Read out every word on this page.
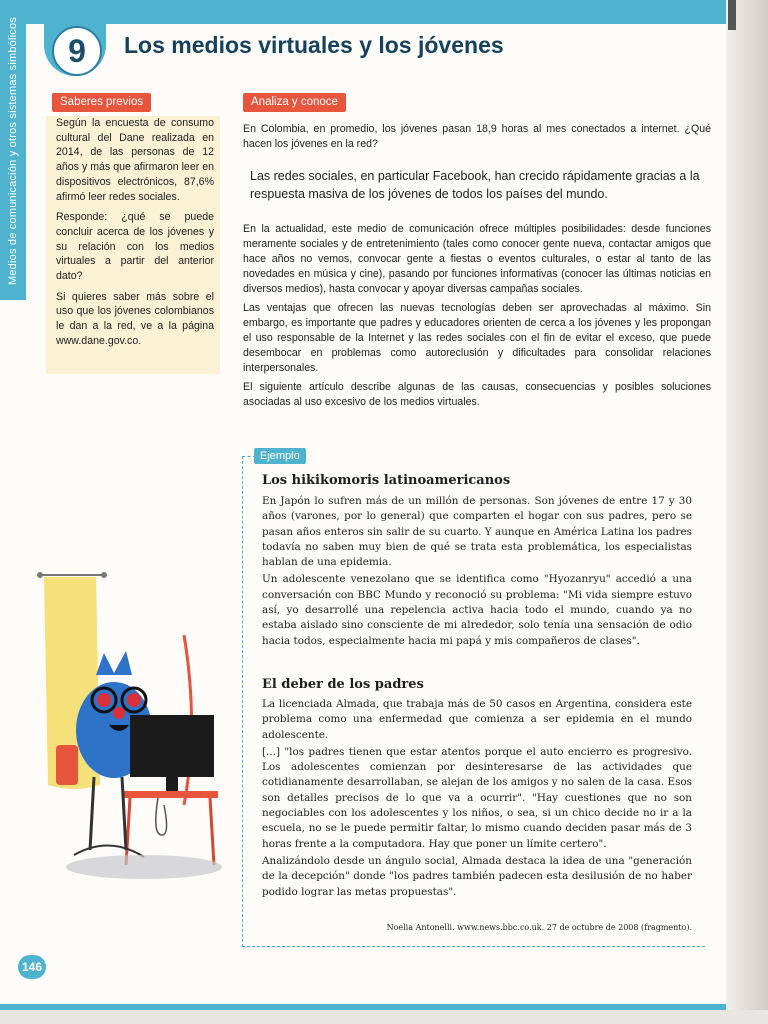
Medios de comunicación y otros sistemas simbólicos	9	Los medios virtuales y los jóvenes
Saberes previos

Según la encuesta de consumo cultural del Dane realizada en 2014, de las personas de 12 años y más que afirmaron leer en dispositivos electrónicos, 87,6% afirmó leer redes sociales.

Responde: ¿qué se puede concluir acerca de los jóvenes y su relación con los medios virtuales a partir del anterior dato?

Si quieres saber más sobre el uso que los jóvenes colombianos le dan a la red, ve a la página www.dane.gov.co.

Analiza y conoce

En Colombia, en promedio, los jóvenes pasan 18,9 horas al mes conectados a internet. ¿Qué hacen los jóvenes en la red?

Las redes sociales, en particular Facebook, han crecido rápidamente gracias a la respuesta masiva de los jóvenes de todos los países del mundo.

En la actualidad, este medio de comunicación ofrece múltiples posibilidades: desde funciones meramente sociales y de entretenimiento (tales como conocer gente nueva, contactar amigos que hace años no vemos, convocar gente a fiestas o eventos culturales, o estar al tanto de las novedades en música y cine), pasando por funciones informativas (conocer las últimas noticias en diversos medios), hasta convocar y apoyar diversas campañas sociales.

Las ventajas que ofrecen las nuevas tecnologías deben ser aprovechadas al máximo. Sin embargo, es importante que padres y educadores orienten de cerca a los jóvenes y les propongan el uso responsable de la Internet y las redes sociales con el fin de evitar el exceso, que puede desembocar en problemas como autoreclusión y dificultades para consolidar relaciones interpersonales.

El siguiente artículo describe algunas de las causas, consecuencias y posibles soluciones asociadas al uso excesivo de los medios virtuales.

Ejemplo
Los hikikomoris latinoamericanos

En Japón lo sufren más de un millón de personas. Son jóvenes de entre 17 y 30 años (varones, por lo general) que comparten el hogar con sus padres, pero se pasan años enteros sin salir de su cuarto. Y aunque en América Latina los padres todavía no saben muy bien de qué se trata esta problemática, los especialistas hablan de una epidemia.

Un adolescente venezolano que se identifica como "Hyozanryu" accedió a una conversación con BBC Mundo y reconoció su problema: "Mi vida siempre estuvo así, yo desarrollé una repelencia activa hacia todo el mundo, cuando ya no estaba aislado sino consciente de mi alrededor, solo tenía una sensación de odio hacia todos, especialmente hacia mi papá y mis compañeros de clases".

El deber de los padres

La licenciada Almada, que trabaja más de 50 casos en Argentina, considera este problema como una enfermedad que comienza a ser epidemia en el mundo adolescente.

[...] "los padres tienen que estar atentos porque el auto encierro es progresivo. Los adolescentes comienzan por desinteresarse de las actividades que cotidianamente desarrollaban, se alejan de los amigos y no salen de la casa. Esos son detalles precisos de lo que va a ocurrir". "Hay cuestiones que no son negociables con los adolescentes y los niños, o sea, si un chico decide no ir a la escuela, no se le puede permitir faltar, lo mismo cuando deciden pasar más de 3 horas frente a la computadora. Hay que poner un límite certero".

Analizándolo desde un ángulo social, Almada destaca la idea de una "generación de la decepción" donde "los padres también padecen esta desilusión de no haber podido lograr las metas propuestas".

Noelia Antonelli. www.news.bbc.co.uk. 27 de octubre de 2008 (fragmento).
146
